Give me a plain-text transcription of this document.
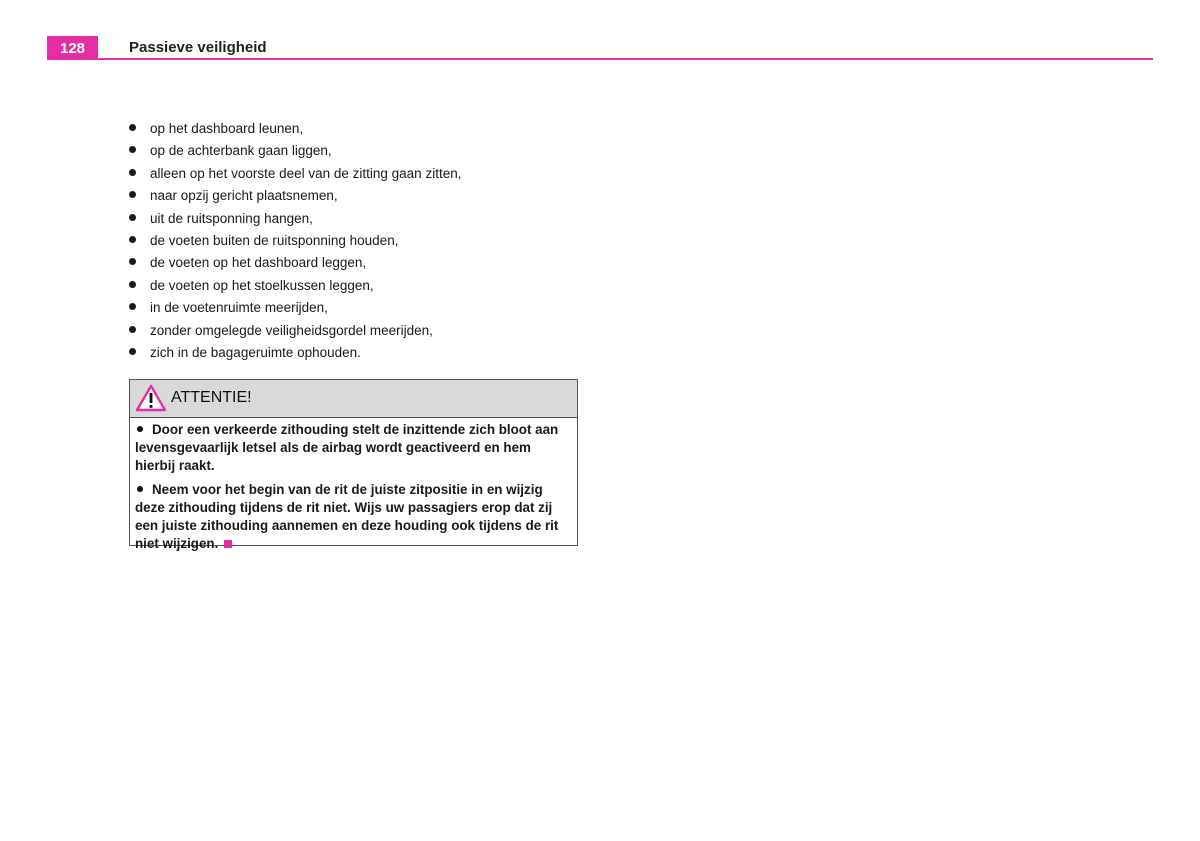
128	Passieve veiligheid
op het dashboard leunen,
op de achterbank gaan liggen,
alleen op het voorste deel van de zitting gaan zitten,
naar opzij gericht plaatsnemen,
uit de ruitsponning hangen,
de voeten buiten de ruitsponning houden,
de voeten op het dashboard leggen,
de voeten op het stoelkussen leggen,
in de voetenruimte meerijden,
zonder omgelegde veiligheidsgordel meerijden,
zich in de bagageruimte ophouden.
ATTENTIE!

Door een verkeerde zithouding stelt de inzittende zich bloot aan levensgevaarlijk letsel als de airbag wordt geactiveerd en hem hierbij raakt.

Neem voor het begin van de rit de juiste zitpositie in en wijzig deze zithouding tijdens de rit niet. Wijs uw passagiers erop dat zij een juiste zithouding aannemen en deze houding ook tijdens de rit niet wijzigen.
